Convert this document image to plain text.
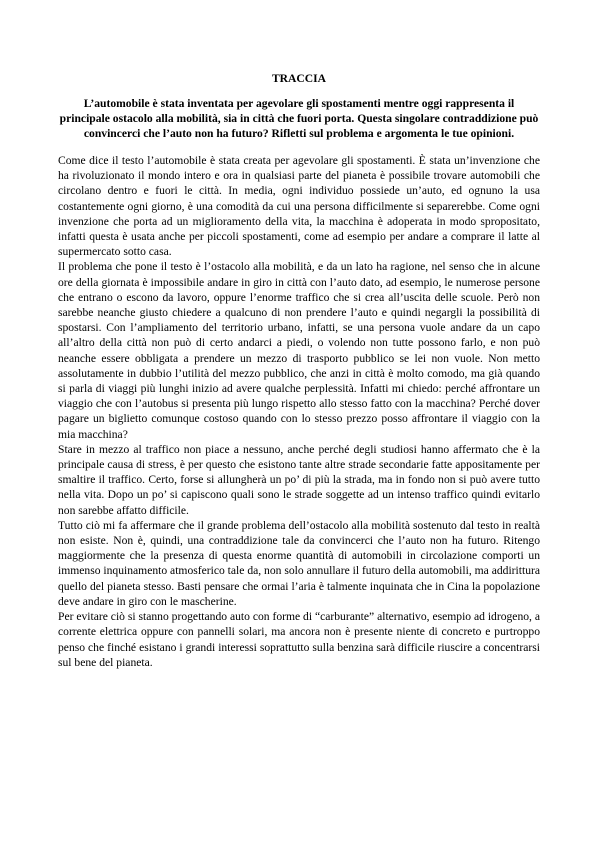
TRACCIA

L’automobile è stata inventata per agevolare gli spostamenti mentre oggi rappresenta il principale ostacolo alla mobilità, sia in città che fuori porta. Questa singolare contraddizione può convincerci che l’auto non ha futuro? Rifletti sul problema e argomenta le tue opinioni.

Come dice il testo l’automobile è stata creata per agevolare gli spostamenti. È stata un’invenzione che ha rivoluzionato il mondo intero e ora in qualsiasi parte del pianeta è possibile trovare automobili che circolano dentro e fuori le città. In media, ogni individuo possiede un’auto, ed ognuno la usa costantemente ogni giorno, è una comodità da cui una persona difficilmente si separerebbe. Come ogni invenzione che porta ad un miglioramento della vita, la macchina è adoperata in modo spropositato, infatti questa è usata anche per piccoli spostamenti, come ad esempio per andare a comprare il latte al supermercato sotto casa.

Il problema che pone il testo è l’ostacolo alla mobilità, e da un lato ha ragione, nel senso che in alcune ore della giornata è impossibile andare in giro in città con l’auto dato, ad esempio, le numerose persone che entrano o escono da lavoro, oppure l’enorme traffico che si crea all’uscita delle scuole. Però non sarebbe neanche giusto chiedere a qualcuno di non prendere l’auto e quindi negargli la possibilità di spostarsi. Con l’ampliamento del territorio urbano, infatti, se una persona vuole andare da un capo all’altro della città non può di certo andarci a piedi, o volendo non tutte possono farlo, e non può neanche essere obbligata a prendere un mezzo di trasporto pubblico se lei non vuole. Non metto assolutamente in dubbio l’utilità del mezzo pubblico, che anzi in città è molto comodo, ma già quando si parla di viaggi più lunghi inizio ad avere qualche perplessità. Infatti mi chiedo: perché affrontare un viaggio che con l’autobus si presenta più lungo rispetto allo stesso fatto con la macchina? Perché dover pagare un biglietto comunque costoso quando con lo stesso prezzo posso affrontare il viaggio con la mia macchina?

Stare in mezzo al traffico non piace a nessuno, anche perché degli studiosi hanno affermato che è la principale causa di stress, è per questo che esistono tante altre strade secondarie fatte appositamente per smaltire il traffico. Certo, forse si allungherà un po’ di più la strada, ma in fondo non si può avere tutto nella vita. Dopo un po’ si capiscono quali sono le strade soggette ad un intenso traffico quindi evitarlo non sarebbe affatto difficile.

Tutto ciò mi fa affermare che il grande problema dell’ostacolo alla mobilità sostenuto dal testo in realtà non esiste. Non è, quindi, una contraddizione tale da convincerci che l’auto non ha futuro. Ritengo maggiormente che la presenza di questa enorme quantità di automobili in circolazione comporti un immenso inquinamento atmosferico tale da, non solo annullare il futuro della automobili, ma addirittura quello del pianeta stesso. Basti pensare che ormai l’aria è talmente inquinata che in Cina la popolazione deve andare in giro con le mascherine.

Per evitare ciò si stanno progettando auto con forme di “carburante” alternativo, esempio ad idrogeno, a corrente elettrica oppure con pannelli solari, ma ancora non è presente niente di concreto e purtroppo penso che finché esistano i grandi interessi soprattutto sulla benzina sarà difficile riuscire a concentrarsi sul bene del pianeta.
